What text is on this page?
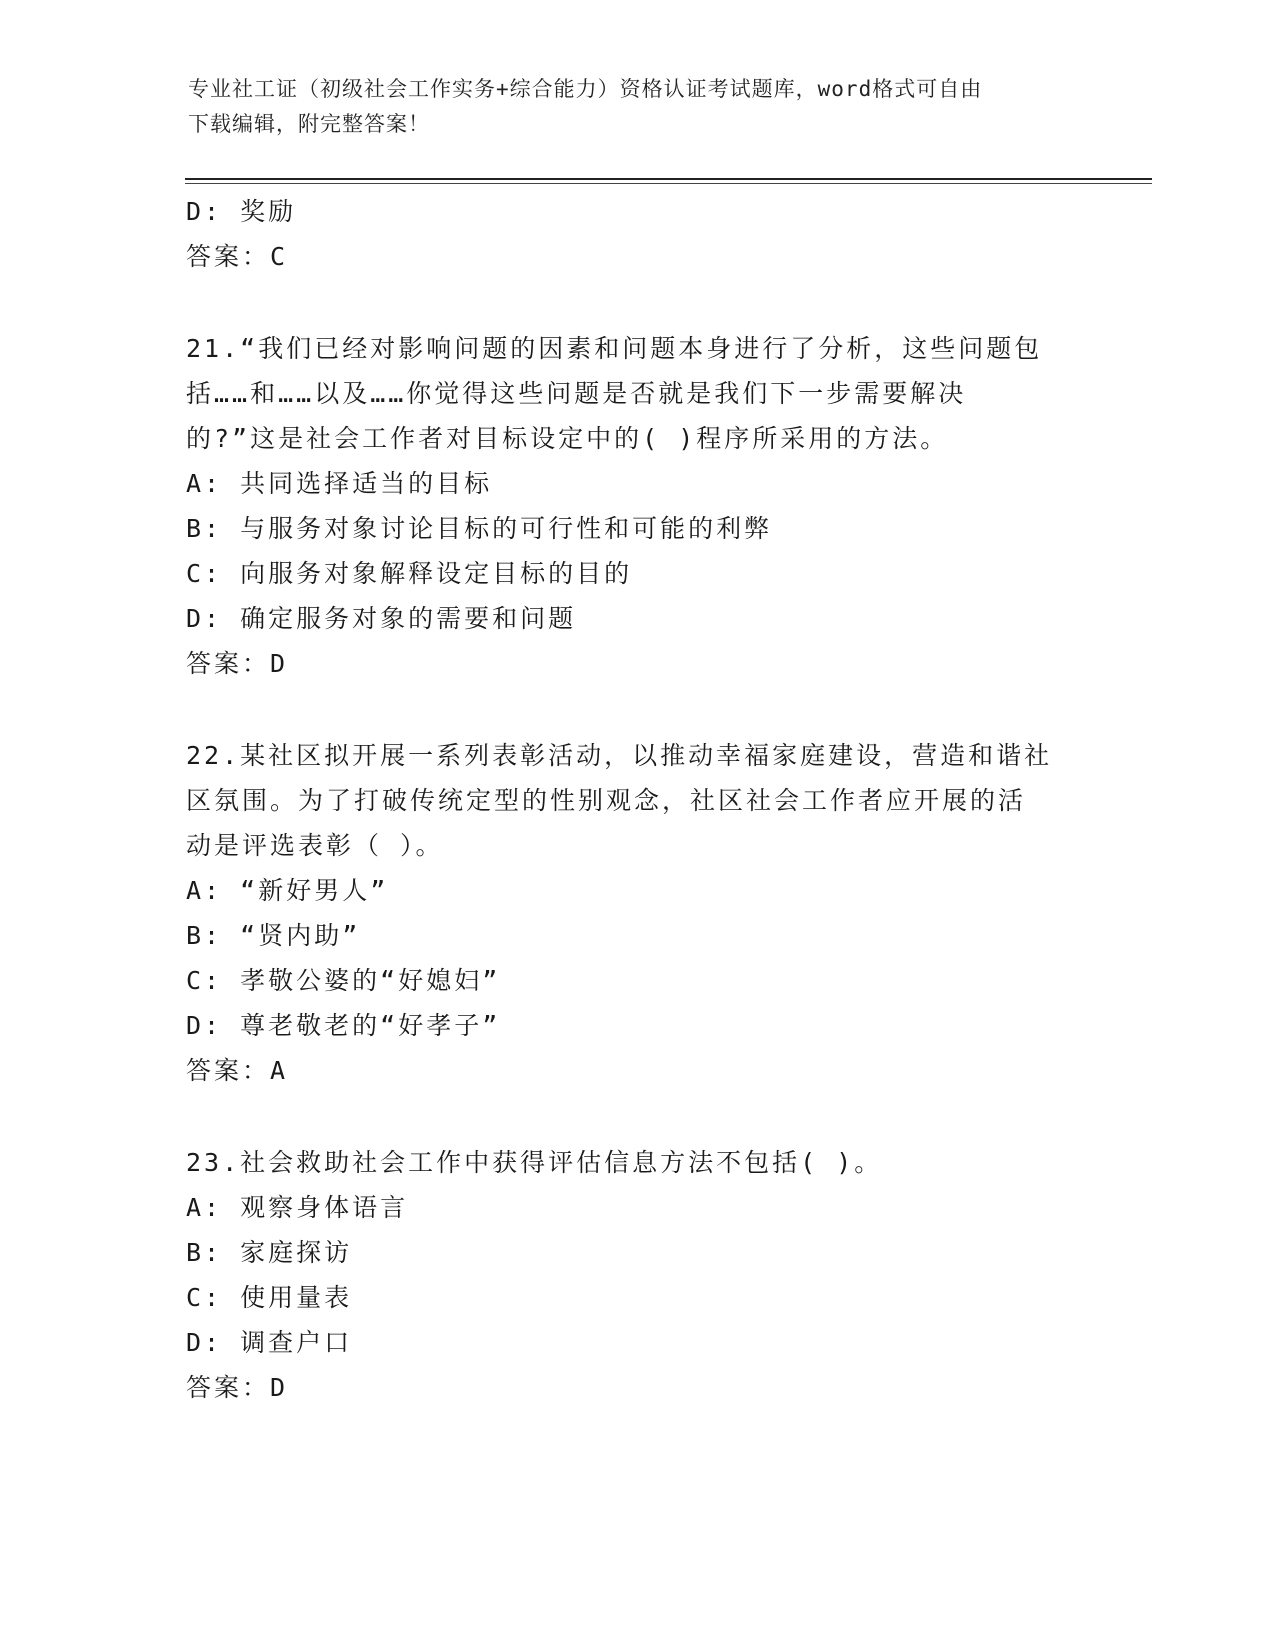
专业社工证（初级社会工作实务+综合能力）资格认证考试题库，word格式可自由
下载编辑，附完整答案！
D: 奖励
答案：C
21.“我们已经对影响问题的因素和问题本身进行了分析，这些问题包
括……和……以及……你觉得这些问题是否就是我们下一步需要解决
的?”这是社会工作者对目标设定中的( )程序所采用的方法。
A: 共同选择适当的目标
B: 与服务对象讨论目标的可行性和可能的利弊
C: 向服务对象解释设定目标的目的
D: 确定服务对象的需要和问题
答案：D
22.某社区拟开展一系列表彰活动，以推动幸福家庭建设，营造和谐社
区氛围。为了打破传统定型的性别观念，社区社会工作者应开展的活
动是评选表彰（ ）。
A: “新好男人”
B: “贤内助”
C: 孝敬公婆的“好媳妇”
D: 尊老敬老的“好孝子”
答案：A
23.社会救助社会工作中获得评估信息方法不包括( )。
A: 观察身体语言
B: 家庭探访
C: 使用量表
D: 调查户口
答案：D
